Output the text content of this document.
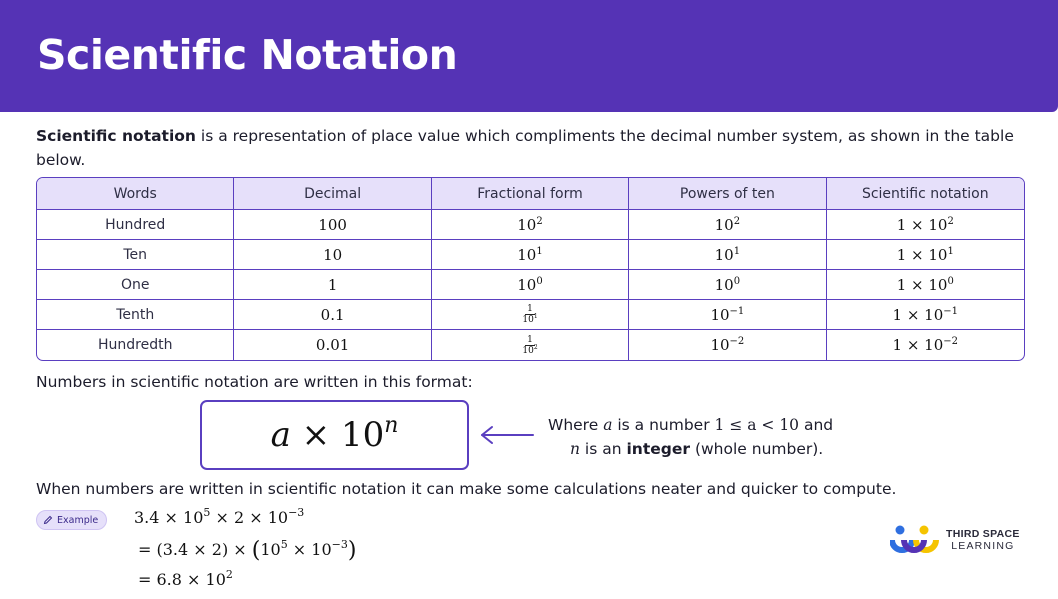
Scientific Notation

Scientific notation is a representation of place value which compliments the decimal number system, as shown in the table below.

Words	Decimal	Fractional form	Powers of ten	Scientific notation
Hundred	100	$10^2$	$10^2$	$1 \times 10^2$
Ten	10	$10^1$	$10^1$	$1 \times 10^1$
One	1	$10^0$	$10^0$	$1 \times 10^0$
Tenth	0.1	$\frac{1}{10^1}$	$10^{-1}$	$1 \times 10^{-1}$
Hundredth	0.01	$\frac{1}{10^2}$	$10^{-2}$	$1 \times 10^{-2}$

Numbers in scientific notation are written in this format:

$a \times 10^n$	Where a is a number 1 ≤ a < 10 and
n is an integer (whole number).

When numbers are written in scientific notation it can make some calculations neater and quicker to compute.

Example $3.4 \times 10^5 \times 2 \times 10^{-3}$
= $(3.4 \times 2) \times (10^5 \times 10^{-3})$
= $6.8 \times 10^2$
THIRD SPACE
LEARNING
